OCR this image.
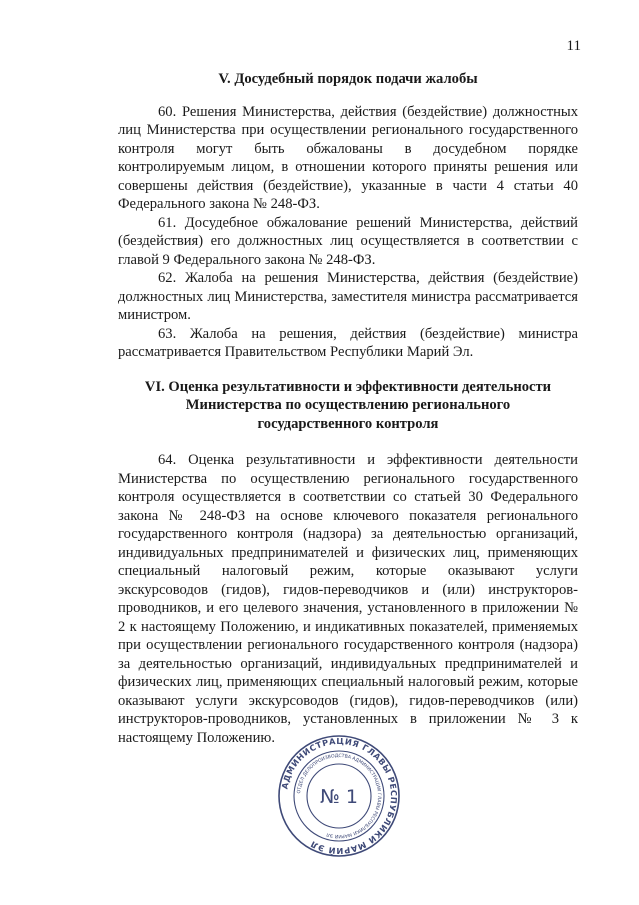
11

V. Досудебный порядок подачи жалобы

60. Решения Министерства, действия (бездействие) должностных лиц Министерства при осуществлении регионального государственного контроля могут быть обжалованы в досудебном порядке контролируемым лицом, в отношении которого приняты решения или совершены действия (бездействие), указанные в части 4 статьи 40 Федерального закона № 248-ФЗ.

61. Досудебное обжалование решений Министерства, действий (бездействия) его должностных лиц осуществляется в соответствии с главой 9 Федерального закона № 248-ФЗ.

62. Жалоба на решения Министерства, действия (бездействие) должностных лиц Министерства, заместителя министра рассматривается министром.

63. Жалоба на решения, действия (бездействие) министра рассматривается Правительством Республики Марий Эл.

VI. Оценка результативности и эффективности деятельности
Министерства по осуществлению регионального
государственного контроля

64. Оценка результативности и эффективности деятельности Министерства по осуществлению регионального государственного контроля осуществляется в соответствии со статьей 30 Федерального закона № 248-ФЗ на основе ключевого показателя регионального государственного контроля (надзора) за деятельностью организаций, индивидуальных предпринимателей и физических лиц, применяющих специальный налоговый режим, которые оказывают услуги экскурсоводов (гидов), гидов-переводчиков и (или) инструкторов-проводников, и его целевого значения, установленного в приложении № 2 к настоящему Положению, и индикативных показателей, применяемых при осуществлении регионального государственного контроля (надзора) за деятельностью организаций, индивидуальных предпринимателей и физических лиц, применяющих специальный налоговый режим, которые оказывают услуги экскурсоводов (гидов), гидов-переводчиков (или) инструкторов-проводников, установленных в приложении № 3 к настоящему Положению.

АДМИНИСТРАЦИЯ ГЛАВЫ РЕСПУБЛИКИ МАРИЙ ЭЛ
ОТДЕЛ ДЕЛОПРОИЗВОДСТВА АДМИНИСТРАЦИИ ГЛАВЫ РЕСПУБЛИКИ МАРИЙ ЭЛ
№ 1
